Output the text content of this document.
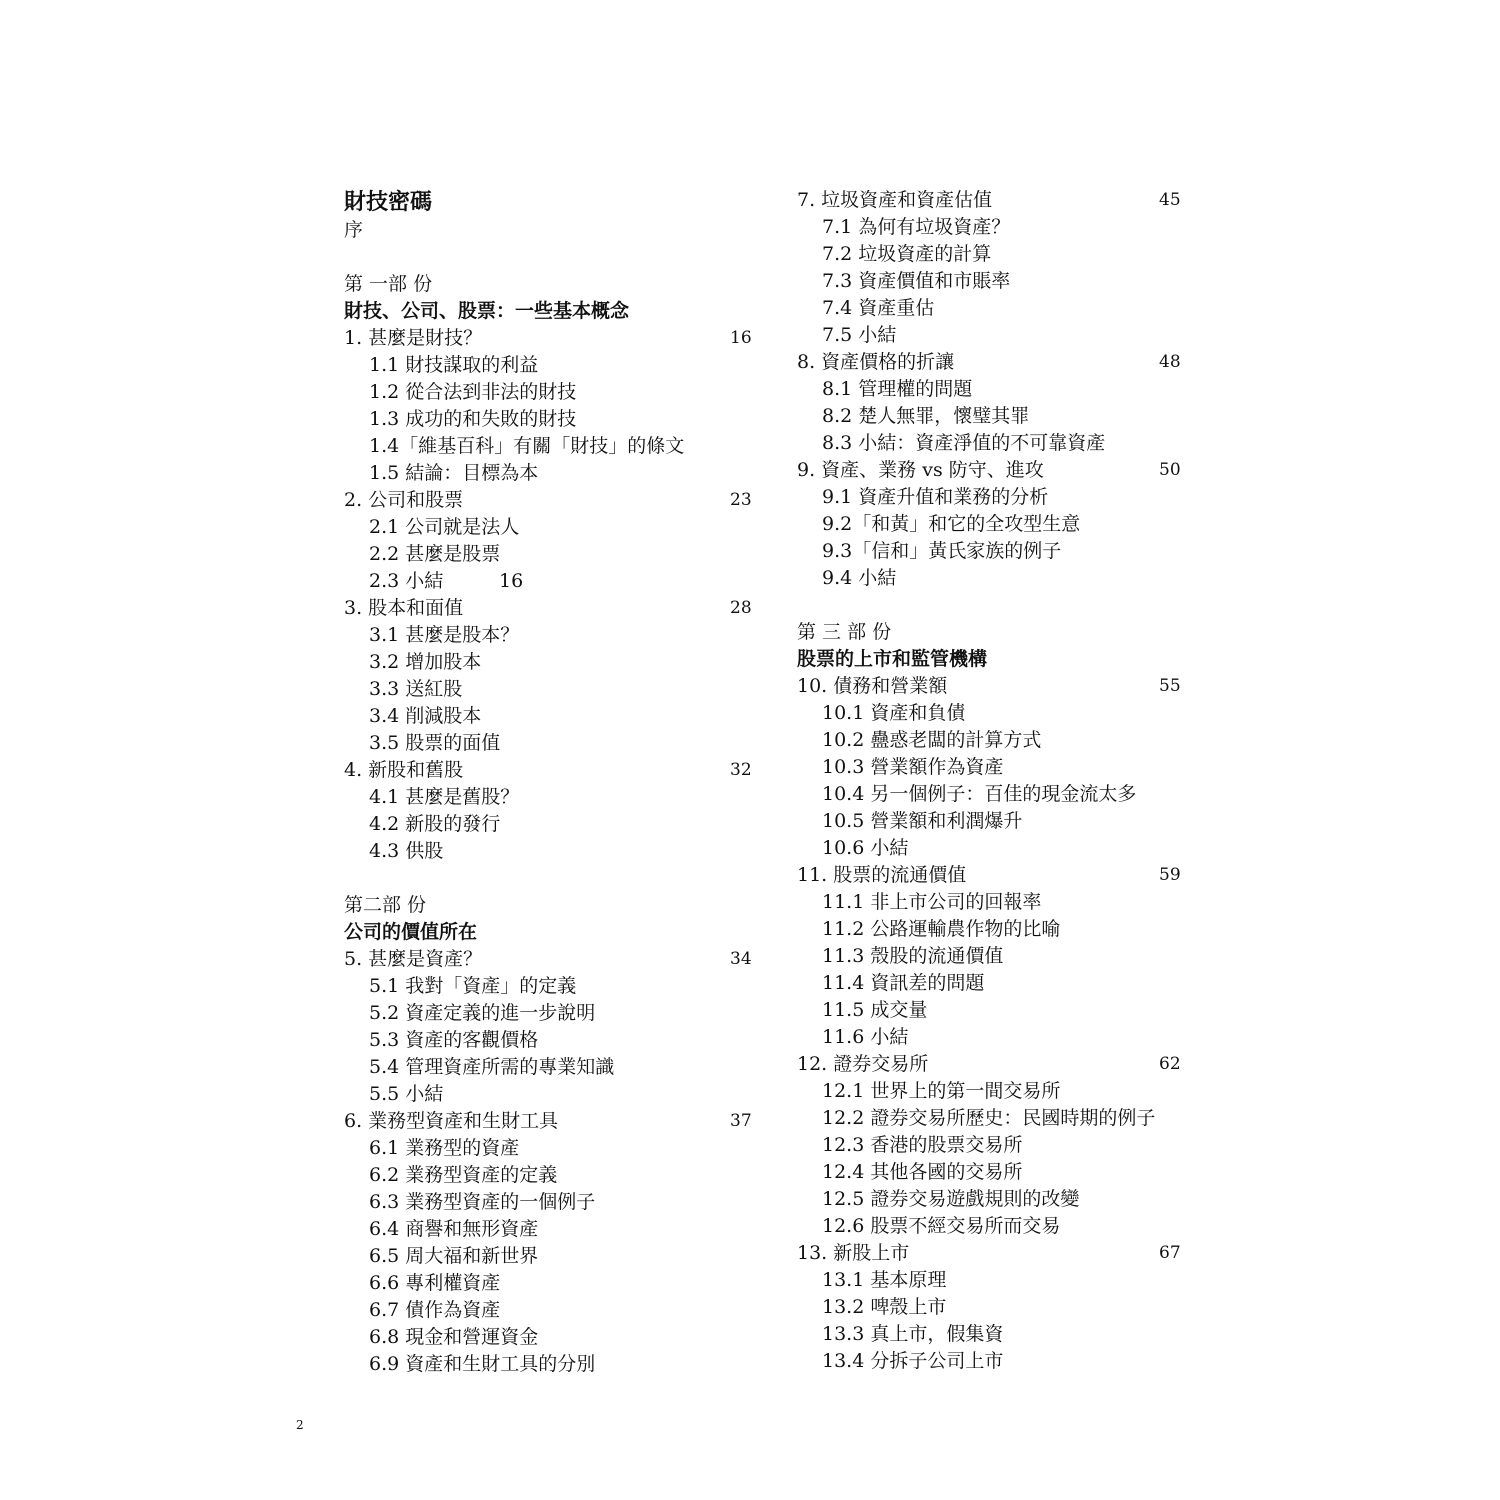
財技密碼
序
第 一部 份
財技、公司、股票：一些基本概念
1. 甚麼是財技？	16
1.1 財技謀取的利益
1.2 從合法到非法的財技
1.3 成功的和失敗的財技
1.4「維基百科」有關「財技」的條文
1.5 結論：目標為本
2. 公司和股票	23
2.1 公司就是法人
2.2 甚麼是股票
2.3 小結	16
3. 股本和面值	28
3.1 甚麼是股本？
3.2 增加股本
3.3 送紅股
3.4 削減股本
3.5 股票的面值
4. 新股和舊股	32
4.1 甚麼是舊股？
4.2 新股的發行
4.3 供股
第二部 份
公司的價值所在
5. 甚麼是資產？	34
5.1 我對「資產」的定義
5.2 資產定義的進一步說明
5.3 資產的客觀價格
5.4 管理資產所需的專業知識
5.5 小結
6. 業務型資產和生財工具	37
6.1 業務型的資產
6.2 業務型資產的定義
6.3 業務型資產的一個例子
6.4 商譽和無形資產
6.5 周大福和新世界
6.6 專利權資產
6.7 債作為資產
6.8 現金和營運資金
6.9 資產和生財工具的分別
7. 垃圾資產和資產估值	45
7.1 為何有垃圾資產？
7.2 垃圾資產的計算
7.3 資產價值和市賬率
7.4 資產重估
7.5 小結
8. 資產價格的折讓	48
8.1 管理權的問題
8.2 楚人無罪，懷璧其罪
8.3 小結：資產淨值的不可靠資產
9. 資產、業務 vs 防守、進攻	50
9.1 資產升值和業務的分析
9.2「和黃」和它的全攻型生意
9.3「信和」黃氏家族的例子
9.4 小結
第 三 部 份
股票的上市和監管機構
10. 債務和營業額	55
10.1 資產和負債
10.2 蠱惑老闆的計算方式
10.3 營業額作為資產
10.4 另一個例子：百佳的現金流太多
10.5 營業額和利潤爆升
10.6 小結
11. 股票的流通價值	59
11.1 非上市公司的回報率
11.2 公路運輸農作物的比喻
11.3 殼股的流通價值
11.4 資訊差的問題
11.5 成交量
11.6 小結
12. 證券交易所	62
12.1 世界上的第一間交易所
12.2 證券交易所歷史：民國時期的例子
12.3 香港的股票交易所
12.4 其他各國的交易所
12.5 證券交易遊戲規則的改變
12.6 股票不經交易所而交易
13. 新股上市	67
13.1 基本原理
13.2 啤殼上市
13.3 真上市，假集資
13.4 分拆子公司上市
2
